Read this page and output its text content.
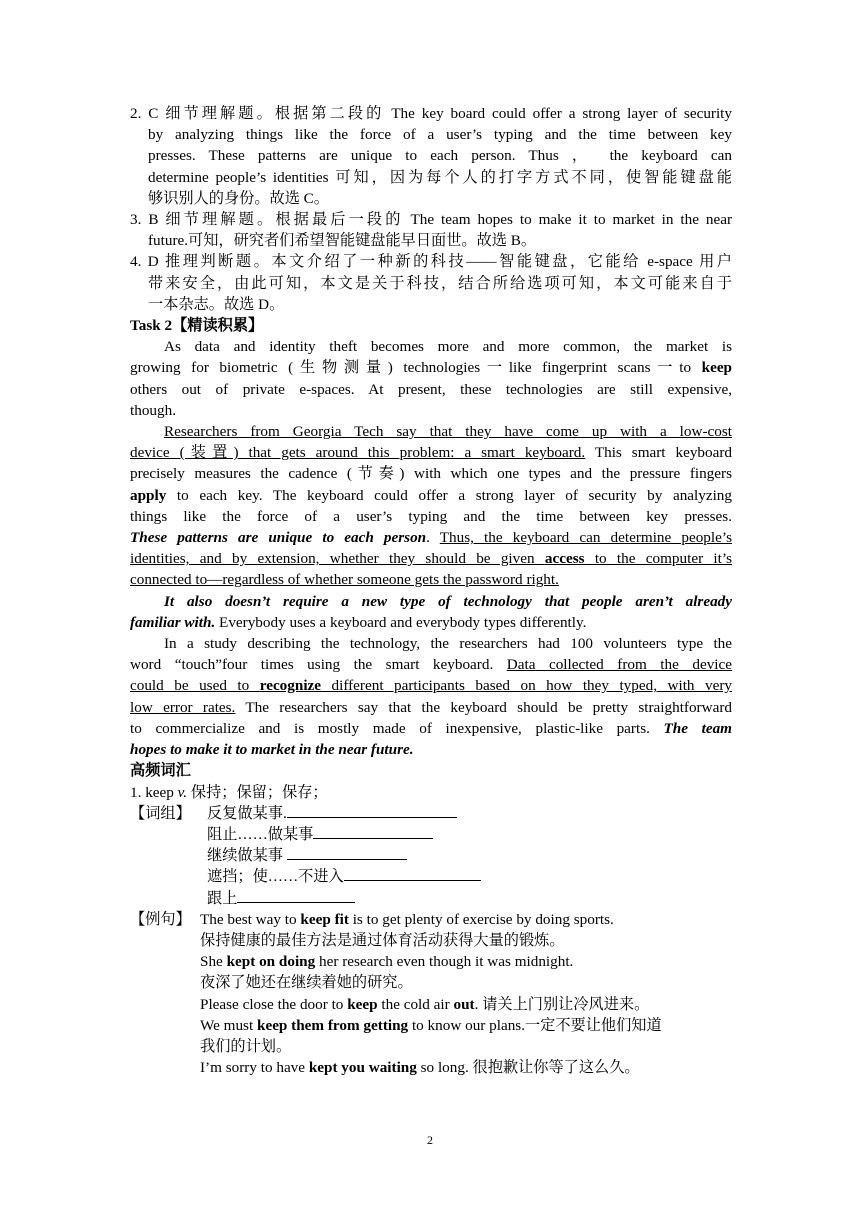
2. C 细节理解题。根据第二段的 The key board could offer a strong layer of security
by analyzing things like the force of a user’s typing and the time between key
presses. These patterns are unique to each person. Thus ， the keyboard can
determine people’s identities 可知，因为每个人的打字方式不同，使智能键盘能
够识别人的身份。故选 C。
3. B 细节理解题。根据最后一段的 The team hopes to make it to market in the near
future.可知，研究者们希望智能键盘能早日面世。故选 B。
4. D 推理判断题。本文介绍了一种新的科技——智能键盘，它能给 e-space 用户
带来安全，由此可知，本文是关于科技，结合所给选项可知，本文可能来自于
一本杂志。故选 D。
Task 2【精读积累】
As data and identity theft becomes more and more common, the market is
growing for biometric (生物测量) technologies一like fingerprint scans一to keep
others out of private e-spaces. At present, these technologies are still expensive,
though.
Researchers from Georgia Tech say that they have come up with a low-cost
device (装置) that gets around this problem: a smart keyboard. This smart keyboard
precisely measures the cadence (节奏) with which one types and the pressure fingers
apply to each key. The keyboard could offer a strong layer of security by analyzing
things like the force of a user’s typing and the time between key presses.
These patterns are unique to each person. Thus, the keyboard can determine people’s
identities, and by extension, whether they should be given access to the computer it’s
connected to—regardless of whether someone gets the password right.
It also doesn’t require a new type of technology that people aren’t already
familiar with. Everybody uses a keyboard and everybody types differently.
In a study describing the technology, the researchers had 100 volunteers type the
word “touch”four times using the smart keyboard. Data collected from the device
could be used to recognize different participants based on how they typed, with very
low error rates. The researchers say that the keyboard should be pretty straightforward
to commercialize and is mostly made of inexpensive, plastic-like parts. The team
hopes to make it to market in the near future.
高频词汇
1. keep v. 保持；保留；保存；
【词组】 反复做某事.
阻止……做某事
继续做某事
遮挡；使……不进入
跟上
【例句】 The best way to keep fit is to get plenty of exercise by doing sports.
保持健康的最佳方法是通过体育活动获得大量的锻炼。
She kept on doing her research even though it was midnight.
夜深了她还在继续着她的研究。
Please close the door to keep the cold air out. 请关上门别让冷风进来。
We must keep them from getting to know our plans.一定不要让他们知道
我们的计划。
I’m sorry to have kept you waiting so long. 很抱歉让你等了这么久。
2
